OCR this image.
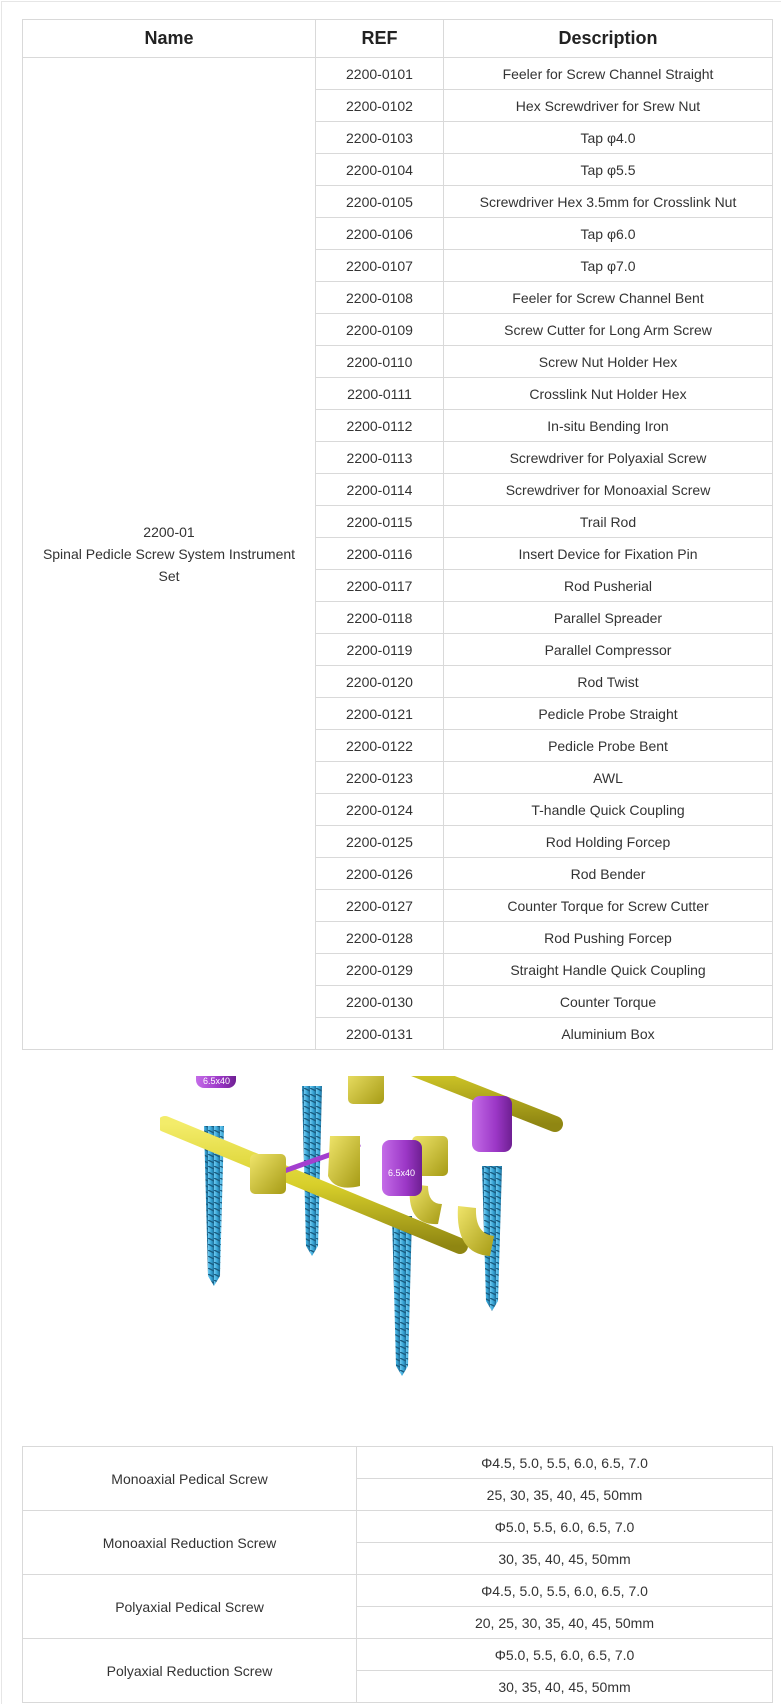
Name	REF	Description

2200-01
Spinal Pedicle Screw System Instrument Set	2200-0101	Feeler for Screw Channel Straight
	2200-0102	Hex Screwdriver for Srew Nut
	2200-0103	Tap φ4.0
	2200-0104	Tap φ5.5
	2200-0105	Screwdriver Hex 3.5mm for Crosslink Nut
	2200-0106	Tap φ6.0
	2200-0107	Tap φ7.0
	2200-0108	Feeler for Screw Channel Bent
	2200-0109	Screw Cutter for Long Arm Screw
	2200-0110	Screw Nut Holder Hex
	2200-0111	Crosslink Nut Holder Hex
	2200-0112	In-situ Bending Iron
	2200-0113	Screwdriver for Polyaxial Screw
	2200-0114	Screwdriver for Monoaxial Screw
	2200-0115	Trail Rod
	2200-0116	Insert Device for Fixation Pin
	2200-0117	Rod Pusherial
	2200-0118	Parallel Spreader
	2200-0119	Parallel Compressor
	2200-0120	Rod Twist
	2200-0121	Pedicle Probe Straight
	2200-0122	Pedicle Probe Bent
	2200-0123	AWL
	2200-0124	T-handle Quick Coupling
	2200-0125	Rod Holding Forcep
	2200-0126	Rod Bender
	2200-0127	Counter Torque for Screw Cutter
	2200-0128	Rod Pushing Forcep
	2200-0129	Straight Handle Quick Coupling
	2200-0130	Counter Torque
	2200-0131	Aluminium Box
6.5x40
6.5x40
Monoaxial Pedical Screw	Φ4.5, 5.0, 5.5, 6.0, 6.5, 7.0
	25, 30, 35, 40, 45, 50mm
Monoaxial Reduction Screw	Φ5.0, 5.5, 6.0, 6.5, 7.0
	30, 35, 40, 45, 50mm
Polyaxial Pedical Screw	Φ4.5, 5.0, 5.5, 6.0, 6.5, 7.0
	20, 25, 30, 35, 40, 45, 50mm
Polyaxial Reduction Screw	Φ5.0, 5.5, 6.0, 6.5, 7.0
	30, 35, 40, 45, 50mm
